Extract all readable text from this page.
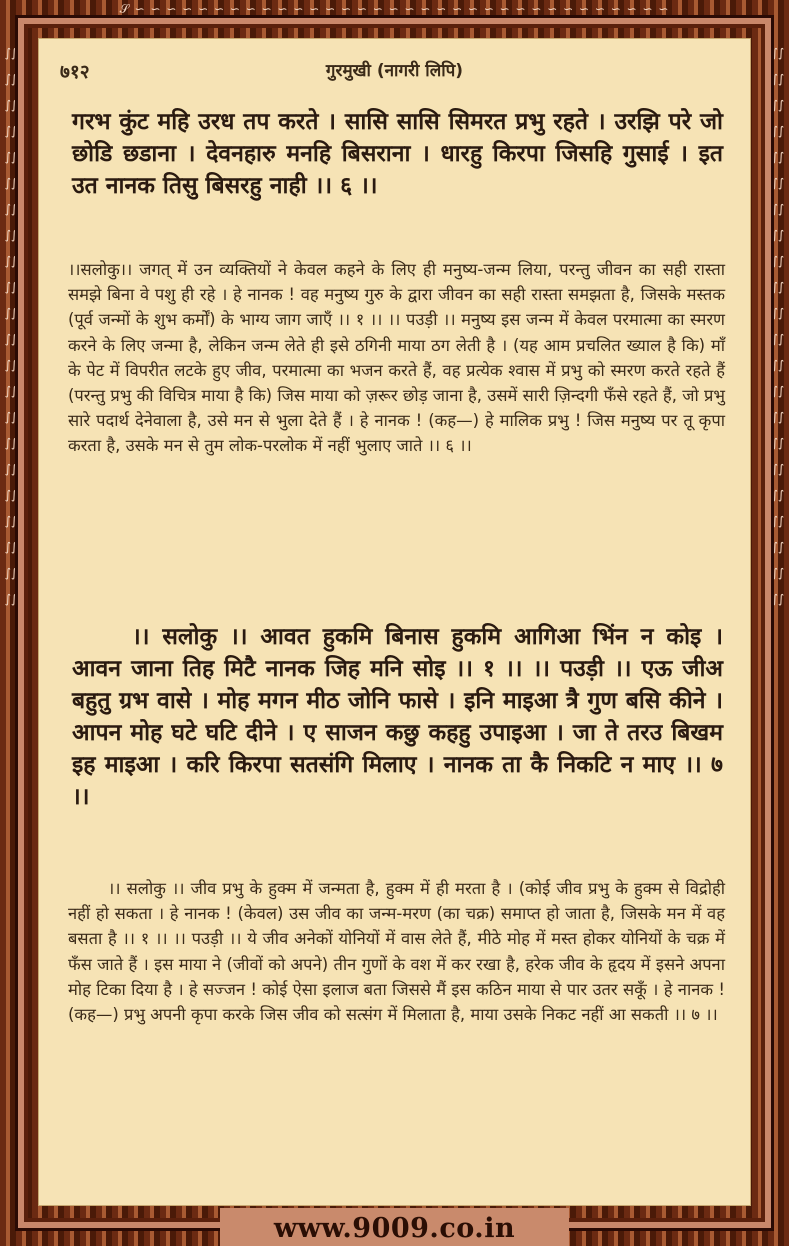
𝒮 ∽ ∽ ∽ ∽ ∽ ∽ ∽ ∽ ∽ ∽ ∽ ∽ ∽ ∽ ∽ ∽ ∽ ∽ ∽ ∽ ∽ ∽ ∽ ∽ ∽ ∽ ∽ ∽ ∽ ∽ ∽ ∽ ∽ ∽
∫∫∫∫∫∫∫∫∫∫∫∫∫∫∫∫∫∫∫∫∫∫∫∫∫∫∫∫∫∫∫∫∫∫∫∫∫∫∫∫∫∫∫∫
∫∫∫∫∫∫∫∫∫∫∫∫∫∫∫∫∫∫∫∫∫∫∫∫∫∫∫∫∫∫∫∫∫∫∫∫∫∫∫∫∫∫∫∫
www.9009.co.in
७१२	गुरमुखी (नागरी लिपि)
गरभ कुंट महि उरध तप करते । सासि सासि सिमरत प्रभु रहते । उरझि परे जो छोडि छडाना । देवनहारु मनहि बिसराना । धारहु किरपा जिसहि गुसाई । इत उत नानक तिसु बिसरहु नाही ।। ६ ।।
।।सलोकु।। जगत् में उन व्यक्तियों ने केवल कहने के लिए ही मनुष्य-जन्म लिया, परन्तु जीवन का सही रास्ता समझे बिना वे पशु ही रहे । हे नानक ! वह मनुष्य गुरु के द्वारा जीवन का सही रास्ता समझता है, जिसके मस्तक (पूर्व जन्मों के शुभ कर्मों) के भाग्य जाग जाएँ ।। १ ।। ।। पउड़ी ।। मनुष्य इस जन्म में केवल परमात्मा का स्मरण करने के लिए जन्मा है, लेकिन जन्म लेते ही इसे ठगिनी माया ठग लेती है । (यह आम प्रचलित ख्याल है कि) माँ के पेट में विपरीत लटके हुए जीव, परमात्मा का भजन करते हैं, वह प्रत्येक श्वास में प्रभु को स्मरण करते रहते हैं (परन्तु प्रभु की विचित्र माया है कि) जिस माया को ज़रूर छोड़ जाना है, उसमें सारी ज़िन्दगी फँसे रहते हैं, जो प्रभु सारे पदार्थ देनेवाला है, उसे मन से भुला देते हैं । हे नानक ! (कह—) हे मालिक प्रभु ! जिस मनुष्य पर तू कृपा करता है, उसके मन से तुम लोक-परलोक में नहीं भुलाए जाते ।। ६ ।।
।। सलोकु ।। आवत हुकमि बिनास हुकमि आगिआ भिंन न कोइ । आवन जाना तिह मिटै नानक जिह मनि सोइ ।। १ ।। ।। पउड़ी ।। एऊ जीअ बहुतु ग्रभ वासे । मोह मगन मीठ जोनि फासे । इनि माइआ त्रै गुण बसि कीने । आपन मोह घटे घटि दीने । ए साजन कछु कहहु उपाइआ । जा ते तरउ बिखम इह माइआ । करि किरपा सतसंगि मिलाए । नानक ता कै निकटि न माए ।। ७ ।।
।। सलोकु ।। जीव प्रभु के हुक्म में जन्मता है, हुक्म में ही मरता है । (कोई जीव प्रभु के हुक्म से विद्रोही नहीं हो सकता । हे नानक ! (केवल) उस जीव का जन्म-मरण (का चक्र) समाप्त हो जाता है, जिसके मन में वह बसता है ।। १ ।। ।। पउड़ी ।। ये जीव अनेकों योनियों में वास लेते हैं, मीठे मोह में मस्त होकर योनियों के चक्र में फँस जाते हैं । इस माया ने (जीवों को अपने) तीन गुणों के वश में कर रखा है, हरेक जीव के हृदय में इसने अपना मोह टिका दिया है । हे सज्जन ! कोई ऐसा इलाज बता जिससे मैं इस कठिन माया से पार उतर सकूँ । हे नानक ! (कह—) प्रभु अपनी कृपा करके जिस जीव को सत्संग में मिलाता है, माया उसके निकट नहीं आ सकती ।। ७ ।।
